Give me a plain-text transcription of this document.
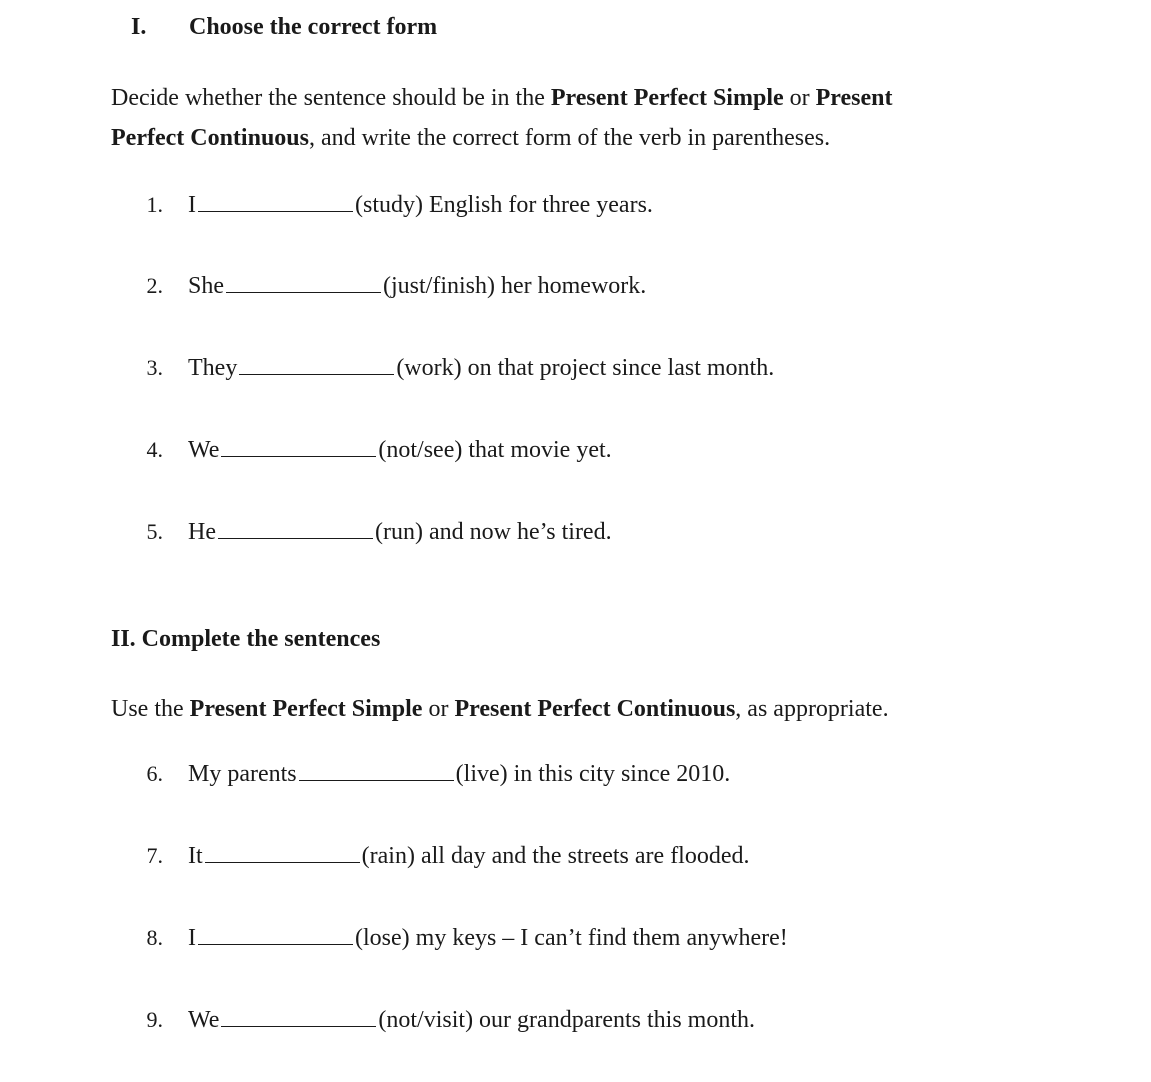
I. Choose the correct form
Decide whether the sentence should be in the Present Perfect Simple or Present
Perfect Continuous, and write the correct form of the verb in parentheses.
1. I	(study) English for three years.
2. She	(just/finish) her homework.
3. They	(work) on that project since last month.
4. We	(not/see) that movie yet.
5. He	(run) and now he’s tired.
II. Complete the sentences
Use the Present Perfect Simple or Present Perfect Continuous, as appropriate.
6. My parents	(live) in this city since 2010.
7. It	(rain) all day and the streets are flooded.
8. I	(lose) my keys – I can’t find them anywhere!
9. We	(not/visit) our grandparents this month.
